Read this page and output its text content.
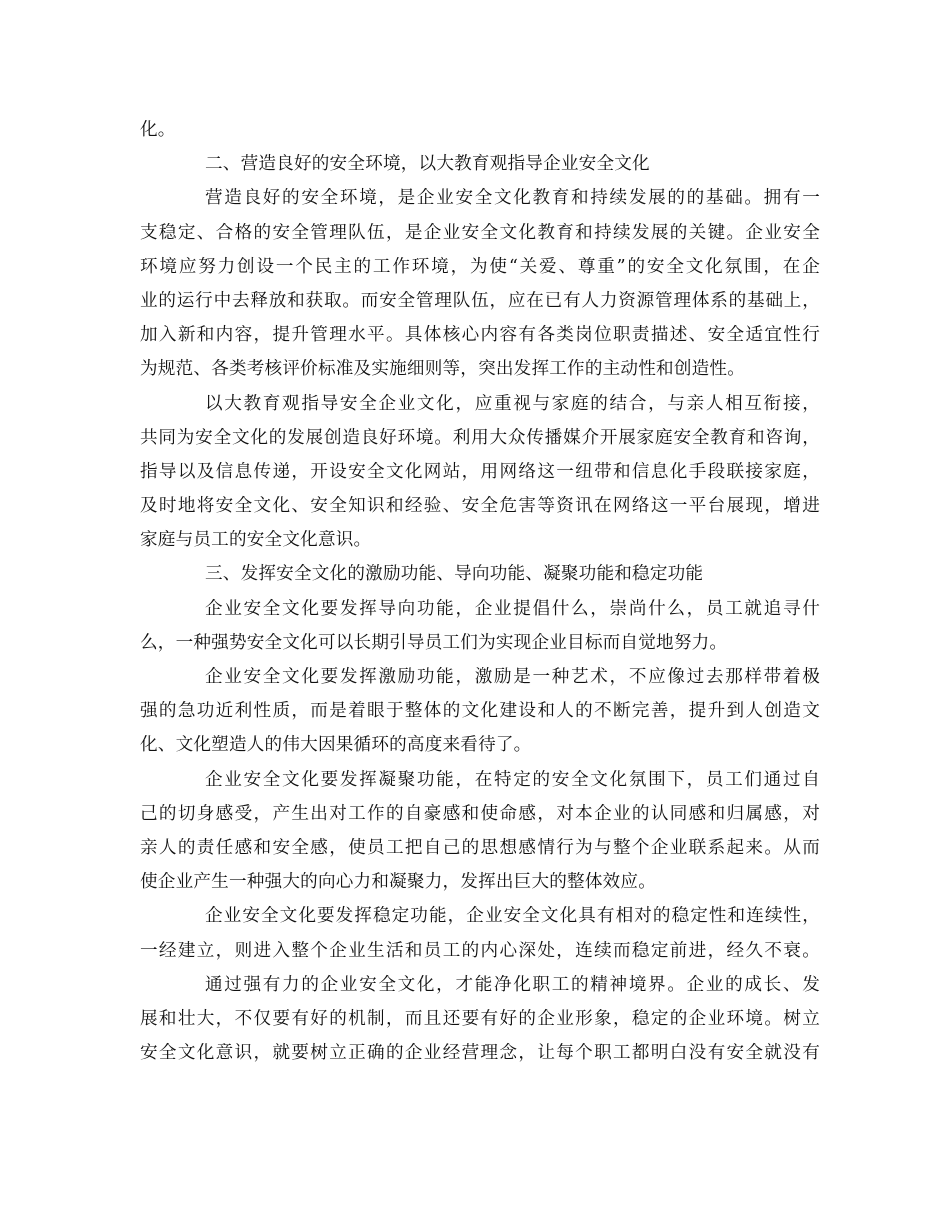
化。
二、营造良好的安全环境，以大教育观指导企业安全文化
营造良好的安全环境，是企业安全文化教育和持续发展的的基础。拥有一
支稳定、合格的安全管理队伍，是企业安全文化教育和持续发展的关键。企业安全
环境应努力创设一个民主的工作环境，为使“关爱、尊重”的安全文化氛围，在企
业的运行中去释放和获取。而安全管理队伍，应在已有人力资源管理体系的基础上，
加入新和内容，提升管理水平。具体核心内容有各类岗位职责描述、安全适宜性行
为规范、各类考核评价标准及实施细则等，突出发挥工作的主动性和创造性。
以大教育观指导安全企业文化，应重视与家庭的结合，与亲人相互衔接，
共同为安全文化的发展创造良好环境。利用大众传播媒介开展家庭安全教育和咨询，
指导以及信息传递，开设安全文化网站，用网络这一纽带和信息化手段联接家庭，
及时地将安全文化、安全知识和经验、安全危害等资讯在网络这一平台展现，增进
家庭与员工的安全文化意识。
三、发挥安全文化的激励功能、导向功能、凝聚功能和稳定功能
企业安全文化要发挥导向功能，企业提倡什么，崇尚什么，员工就追寻什
么，一种强势安全文化可以长期引导员工们为实现企业目标而自觉地努力。
企业安全文化要发挥激励功能，激励是一种艺术，不应像过去那样带着极
强的急功近利性质，而是着眼于整体的文化建设和人的不断完善，提升到人创造文
化、文化塑造人的伟大因果循环的高度来看待了。
企业安全文化要发挥凝聚功能，在特定的安全文化氛围下，员工们通过自
己的切身感受，产生出对工作的自豪感和使命感，对本企业的认同感和归属感，对
亲人的责任感和安全感，使员工把自己的思想感情行为与整个企业联系起来。从而
使企业产生一种强大的向心力和凝聚力，发挥出巨大的整体效应。
企业安全文化要发挥稳定功能，企业安全文化具有相对的稳定性和连续性，
一经建立，则进入整个企业生活和员工的内心深处，连续而稳定前进，经久不衰。
通过强有力的企业安全文化，才能净化职工的精神境界。企业的成长、发
展和壮大，不仅要有好的机制，而且还要有好的企业形象，稳定的企业环境。树立
安全文化意识，就要树立正确的企业经营理念，让每个职工都明白没有安全就没有
